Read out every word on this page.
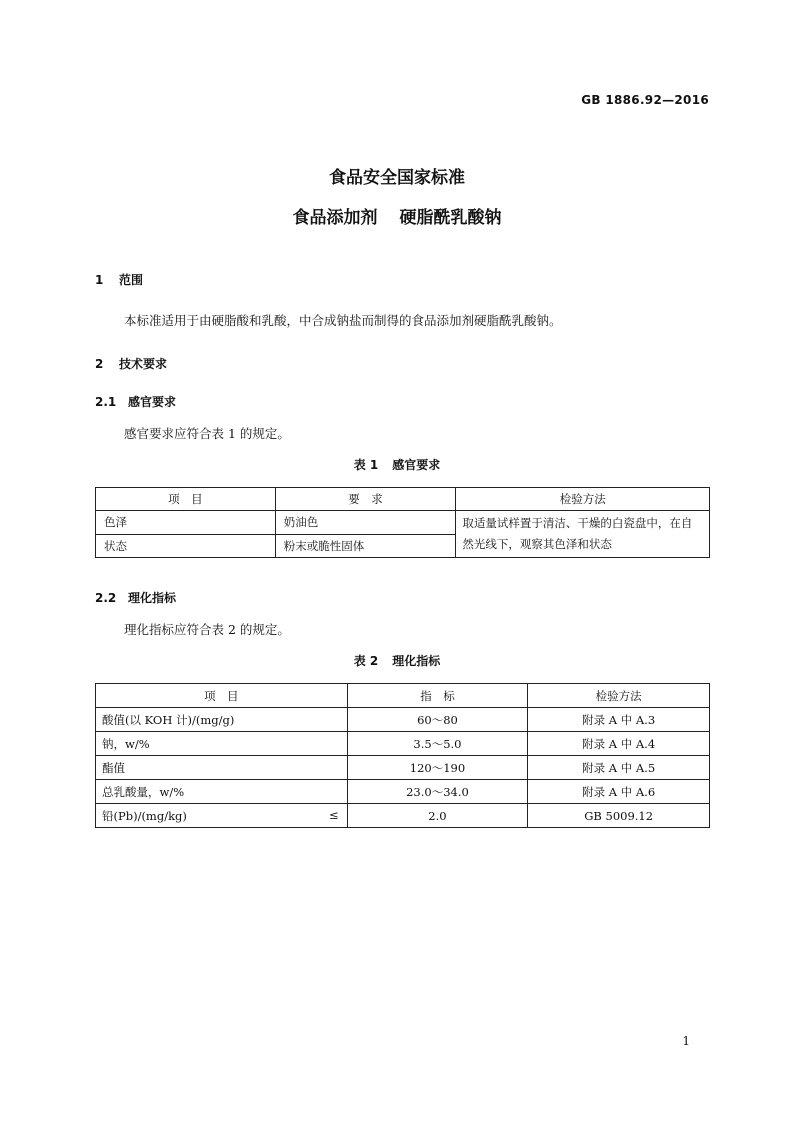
GB 1886.92—2016
食品安全国家标准
食品添加剂 硬脂酰乳酸钠
1 范围
本标准适用于由硬脂酸和乳酸，中合成钠盐而制得的食品添加剂硬脂酰乳酸钠。
2 技术要求
2.1 感官要求
感官要求应符合表 1 的规定。
表 1 感官要求
项　目	要　求	检验方法
色泽	奶油色	取适量试样置于清洁、干燥的白瓷盘中，在自然光线下，观察其色泽和状态
状态	粉末或脆性固体	
2.2 理化指标
理化指标应符合表 2 的规定。
表 2 理化指标
项　目	指　标	检验方法
酸值(以 KOH 计)/(mg/g)	60～80	附录 A 中 A.3
钠，w/%	3.5～5.0	附录 A 中 A.4
酯值	120～190	附录 A 中 A.5
总乳酸量，w/%	23.0～34.0	附录 A 中 A.6
铅(Pb)/(mg/kg) ≤	2.0	GB 5009.12
1
